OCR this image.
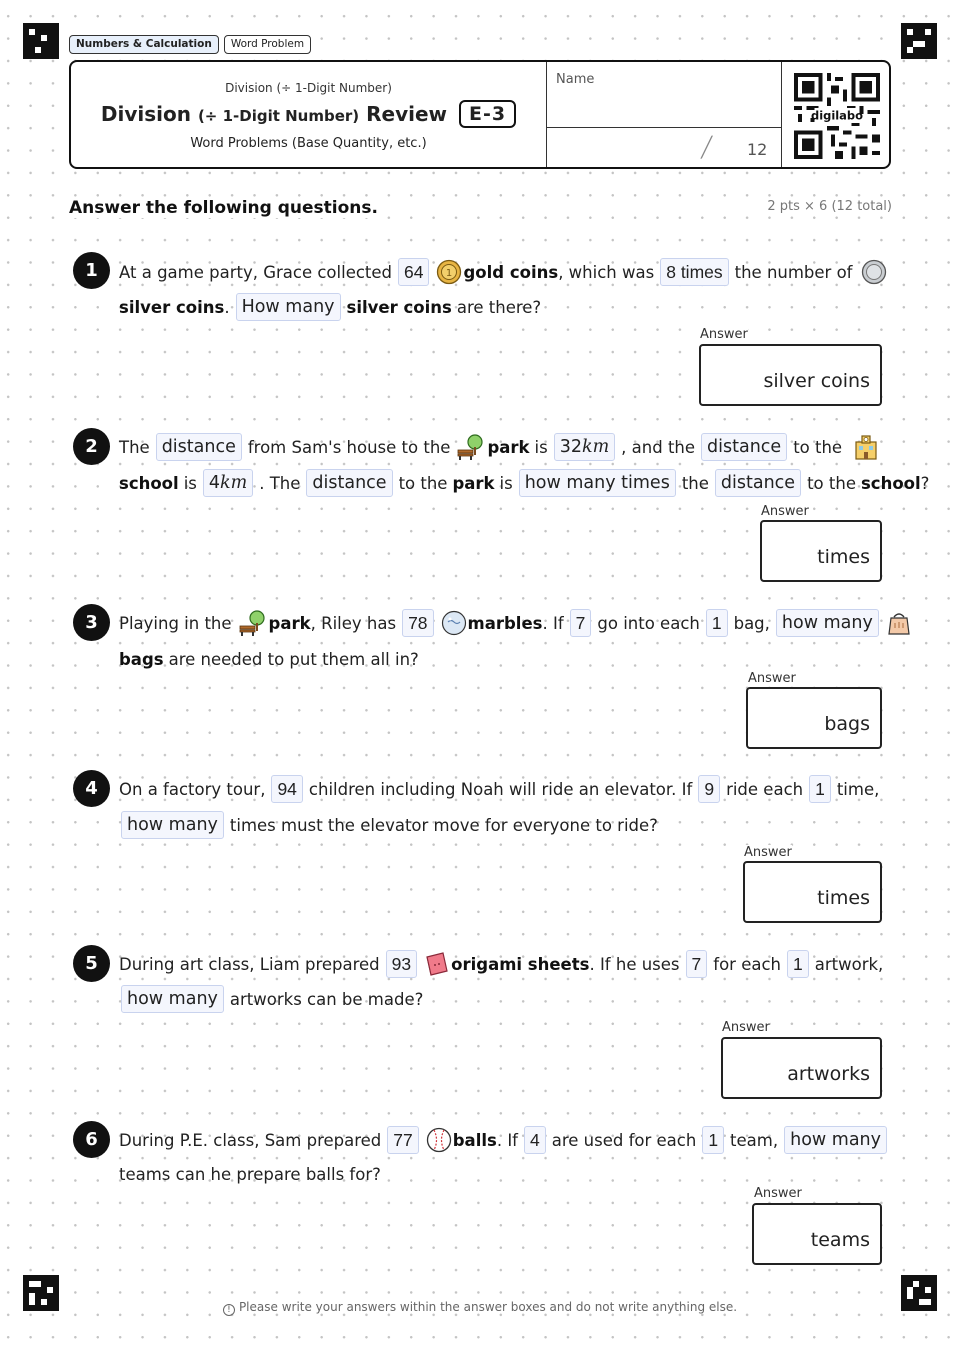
Numbers & Calculation	Word Problem
Division (÷ 1-Digit Number)
Division (÷ 1-Digit Number) Review	E-3
Word Problems (Base Quantity, etc.)
Name
/ 12
digilabo
Answer the following questions.	2 pts × 6 (12 total)
1	At a game party, Grace collected 64	1 gold coins , which was 8 times the number of
silver coins . How many silver coins are there?
Answer
silver coins
2	The distance from Sam's house to the park is 32km , and the distance to the
school is 4km . The distance to the park is how many times the distance to the school ?
Answer
times
3	Playing in the park , Riley has 78	marbles . If 7 go into each 1 bag, how many
bags are needed to put them all in?
Answer
bags
4	On a factory tour, 94 children including Noah will ride an elevator. If 9 ride each 1 time,
how many times must the elevator move for everyone to ride?
Answer
times
5	During art class, Liam prepared 93	origami sheets . If he uses 7 for each 1 artwork,
how many artworks can be made?
Answer
artworks
6	During P.E. class, Sam prepared 77	balls . If 4 are used for each 1 team, how many
teams can he prepare balls for?
Answer
teams
! Please write your answers within the answer boxes and do not write anything else.
